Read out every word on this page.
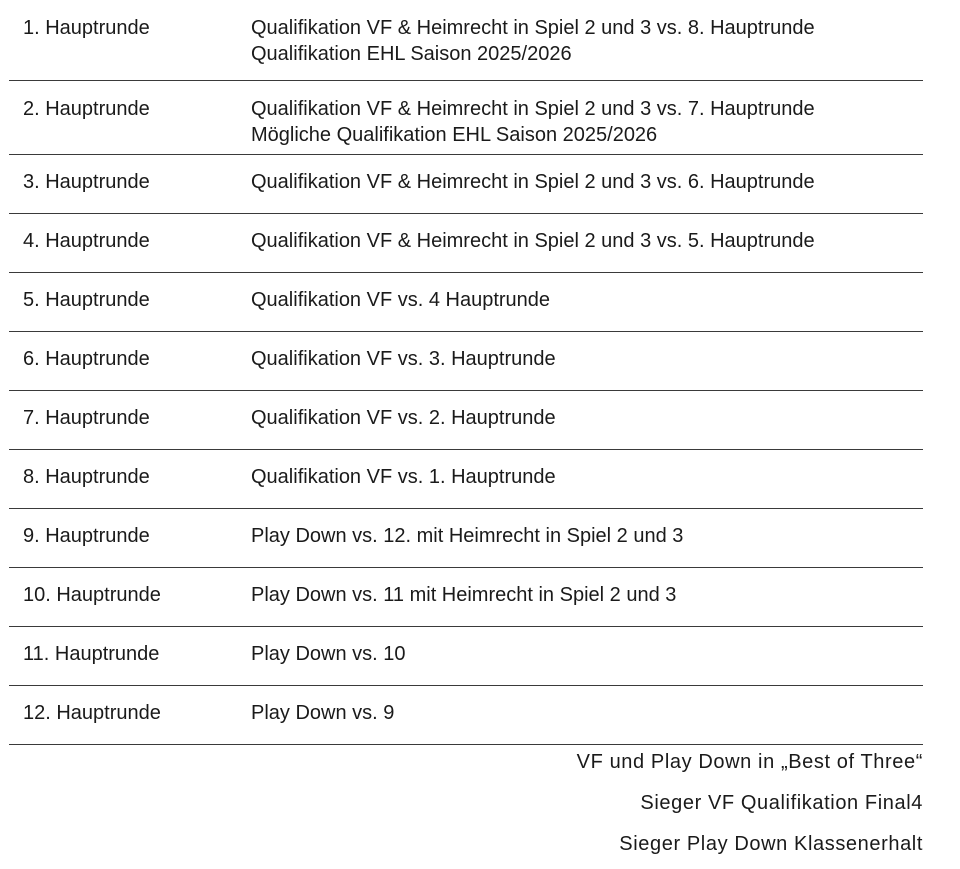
1. Hauptrunde	Qualifikation VF & Heimrecht in Spiel 2 und 3 vs. 8. Hauptrunde
Qualifikation EHL Saison 2025/2026
2. Hauptrunde	Qualifikation VF & Heimrecht in Spiel 2 und 3 vs. 7. Hauptrunde
Mögliche Qualifikation EHL Saison 2025/2026
3. Hauptrunde	Qualifikation VF & Heimrecht in Spiel 2 und 3 vs. 6. Hauptrunde
4. Hauptrunde	Qualifikation VF & Heimrecht in Spiel 2 und 3 vs. 5. Hauptrunde
5. Hauptrunde	Qualifikation VF vs. 4 Hauptrunde
6. Hauptrunde	Qualifikation VF vs. 3. Hauptrunde
7. Hauptrunde	Qualifikation VF vs. 2. Hauptrunde
8. Hauptrunde	Qualifikation VF vs. 1. Hauptrunde
9. Hauptrunde	Play Down vs. 12. mit Heimrecht in Spiel 2 und 3
10. Hauptrunde	Play Down vs. 11 mit Heimrecht in Spiel 2 und 3
11. Hauptrunde	Play Down vs. 10
12. Hauptrunde	Play Down vs. 9
VF und Play Down in „Best of Three“
Sieger VF Qualifikation Final4
Sieger Play Down Klassenerhalt
